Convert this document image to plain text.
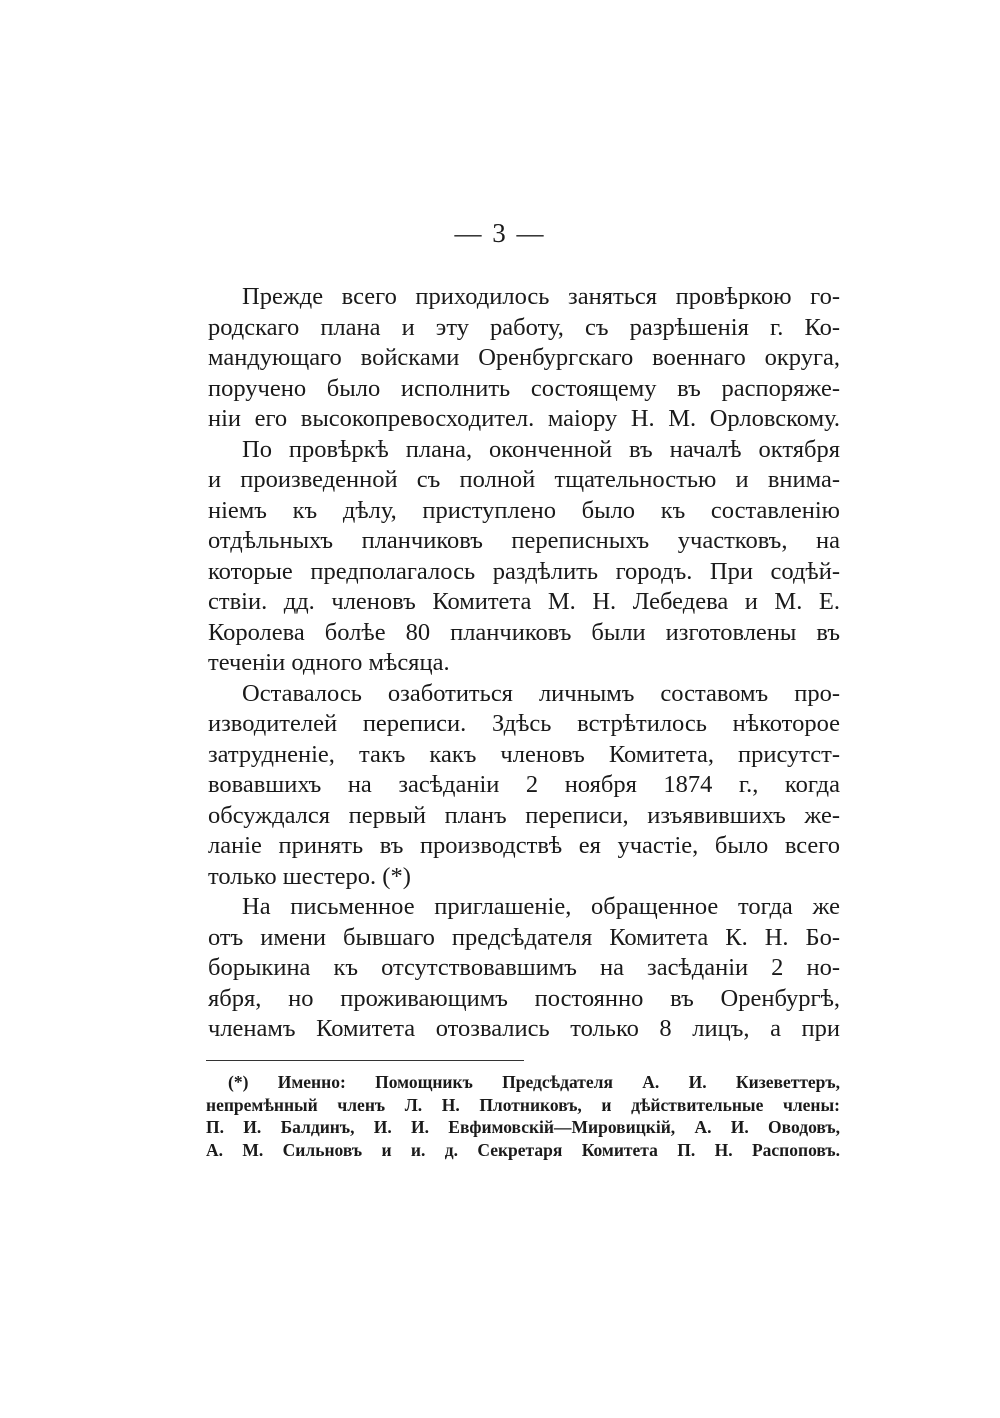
— 3 —
Прежде всего приходилось заняться провѣркою го-
родскаго плана и эту работу, съ разрѣшенія г. Ко-
мандующаго войсками Оренбургскаго военнаго округа,
поручено было исполнить состоящему въ распоряже-
ніи его высокопревосходител. маіору Н. М. Орловскому.
По провѣркѣ плана, оконченной въ началѣ октября
и произведенной съ полной тщательностью и внима-
ніемъ къ дѣлу, приступлено было къ составленію
отдѣльныхъ планчиковъ переписныхъ участковъ, на
которые предполагалось раздѣлить городъ. При содѣй-
ствіи. дд. членовъ Комитета М. Н. Лебедева и М. Е.
Королева болѣе 80 планчиковъ были изготовлены въ
теченіи одного мѣсяца.
Оставалось озаботиться личнымъ составомъ про-
изводителей переписи. Здѣсь встрѣтилось нѣкоторое
затрудненіе, такъ какъ членовъ Комитета, присутст-
вовавшихъ на засѣданіи 2 ноября 1874 г., когда
обсуждался первый планъ переписи, изъявившихъ же-
ланіе принять въ производствѣ ея участіе, было всего
только шестеро. (*)
На письменное приглашеніе, обращенное тогда же
отъ имени бывшаго предсѣдателя Комитета К. Н. Бо-
борыкина къ отсутствовавшимъ на засѣданіи 2 но-
ября, но проживающимъ постоянно въ Оренбургѣ,
членамъ Комитета отозвались только 8 лицъ, а при
(*) Именно: Помощникъ Предсѣдателя А. И. Кизеветтеръ,
непремѣнный членъ Л. Н. Плотниковъ, и дѣйствительные члены:
П. И. Балдинъ, И. И. Евфимовскій—Мировицкій, А. И. Оводовъ,
А. М. Сильновъ и и. д. Секретаря Комитета П. Н. Распоповъ.
